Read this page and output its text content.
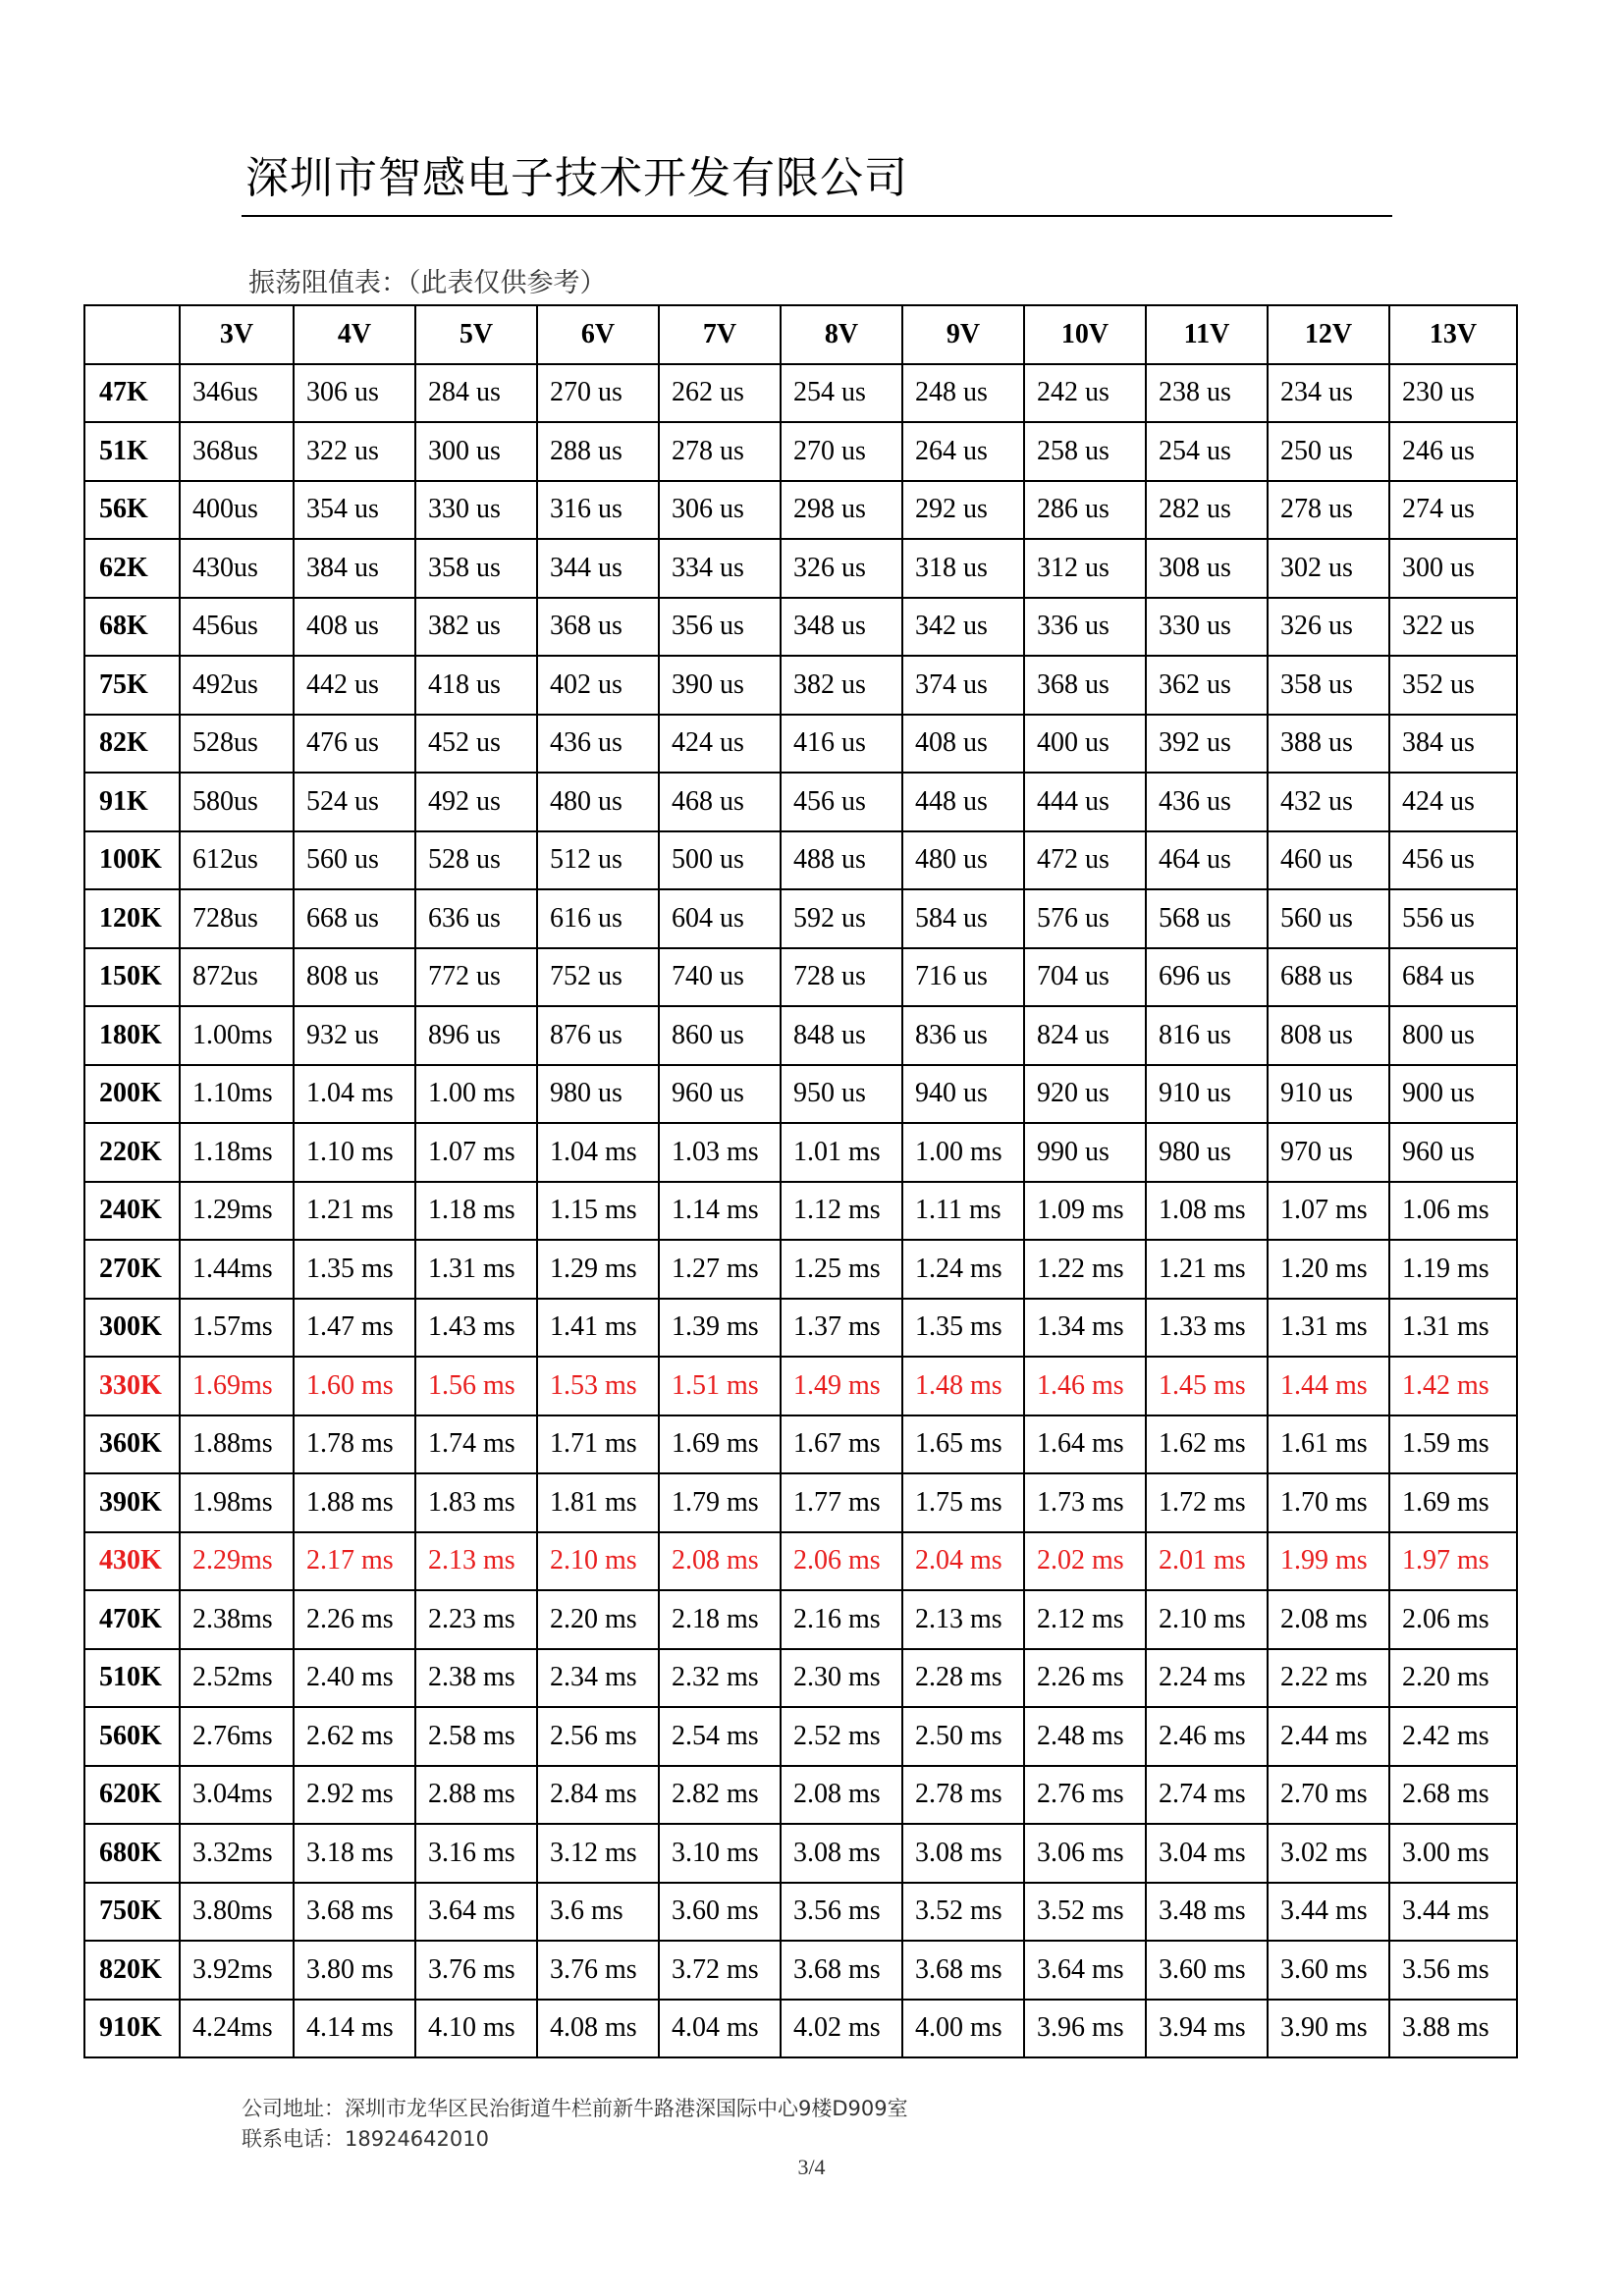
深圳市智感电子技术开发有限公司
振荡阻值表：（此表仅供参考）
	3V	4V	5V	6V	7V	8V	9V	10V	11V	12V	13V
47K	346us	306 us	284 us	270 us	262 us	254 us	248 us	242 us	238 us	234 us	230 us
51K	368us	322 us	300 us	288 us	278 us	270 us	264 us	258 us	254 us	250 us	246 us
56K	400us	354 us	330 us	316 us	306 us	298 us	292 us	286 us	282 us	278 us	274 us
62K	430us	384 us	358 us	344 us	334 us	326 us	318 us	312 us	308 us	302 us	300 us
68K	456us	408 us	382 us	368 us	356 us	348 us	342 us	336 us	330 us	326 us	322 us
75K	492us	442 us	418 us	402 us	390 us	382 us	374 us	368 us	362 us	358 us	352 us
82K	528us	476 us	452 us	436 us	424 us	416 us	408 us	400 us	392 us	388 us	384 us
91K	580us	524 us	492 us	480 us	468 us	456 us	448 us	444 us	436 us	432 us	424 us
100K	612us	560 us	528 us	512 us	500 us	488 us	480 us	472 us	464 us	460 us	456 us
120K	728us	668 us	636 us	616 us	604 us	592 us	584 us	576 us	568 us	560 us	556 us
150K	872us	808 us	772 us	752 us	740 us	728 us	716 us	704 us	696 us	688 us	684 us
180K	1.00ms	932 us	896 us	876 us	860 us	848 us	836 us	824 us	816 us	808 us	800 us
200K	1.10ms	1.04 ms	1.00 ms	980 us	960 us	950 us	940 us	920 us	910 us	910 us	900 us
220K	1.18ms	1.10 ms	1.07 ms	1.04 ms	1.03 ms	1.01 ms	1.00 ms	990 us	980 us	970 us	960 us
240K	1.29ms	1.21 ms	1.18 ms	1.15 ms	1.14 ms	1.12 ms	1.11 ms	1.09 ms	1.08 ms	1.07 ms	1.06 ms
270K	1.44ms	1.35 ms	1.31 ms	1.29 ms	1.27 ms	1.25 ms	1.24 ms	1.22 ms	1.21 ms	1.20 ms	1.19 ms
300K	1.57ms	1.47 ms	1.43 ms	1.41 ms	1.39 ms	1.37 ms	1.35 ms	1.34 ms	1.33 ms	1.31 ms	1.31 ms
330K	1.69ms	1.60 ms	1.56 ms	1.53 ms	1.51 ms	1.49 ms	1.48 ms	1.46 ms	1.45 ms	1.44 ms	1.42 ms
360K	1.88ms	1.78 ms	1.74 ms	1.71 ms	1.69 ms	1.67 ms	1.65 ms	1.64 ms	1.62 ms	1.61 ms	1.59 ms
390K	1.98ms	1.88 ms	1.83 ms	1.81 ms	1.79 ms	1.77 ms	1.75 ms	1.73 ms	1.72 ms	1.70 ms	1.69 ms
430K	2.29ms	2.17 ms	2.13 ms	2.10 ms	2.08 ms	2.06 ms	2.04 ms	2.02 ms	2.01 ms	1.99 ms	1.97 ms
470K	2.38ms	2.26 ms	2.23 ms	2.20 ms	2.18 ms	2.16 ms	2.13 ms	2.12 ms	2.10 ms	2.08 ms	2.06 ms
510K	2.52ms	2.40 ms	2.38 ms	2.34 ms	2.32 ms	2.30 ms	2.28 ms	2.26 ms	2.24 ms	2.22 ms	2.20 ms
560K	2.76ms	2.62 ms	2.58 ms	2.56 ms	2.54 ms	2.52 ms	2.50 ms	2.48 ms	2.46 ms	2.44 ms	2.42 ms
620K	3.04ms	2.92 ms	2.88 ms	2.84 ms	2.82 ms	2.08 ms	2.78 ms	2.76 ms	2.74 ms	2.70 ms	2.68 ms
680K	3.32ms	3.18 ms	3.16 ms	3.12 ms	3.10 ms	3.08 ms	3.08 ms	3.06 ms	3.04 ms	3.02 ms	3.00 ms
750K	3.80ms	3.68 ms	3.64 ms	3.6 ms	3.60 ms	3.56 ms	3.52 ms	3.52 ms	3.48 ms	3.44 ms	3.44 ms
820K	3.92ms	3.80 ms	3.76 ms	3.76 ms	3.72 ms	3.68 ms	3.68 ms	3.64 ms	3.60 ms	3.60 ms	3.56 ms
910K	4.24ms	4.14 ms	4.10 ms	4.08 ms	4.04 ms	4.02 ms	4.00 ms	3.96 ms	3.94 ms	3.90 ms	3.88 ms
公司地址：深圳市龙华区民治街道牛栏前新牛路港深国际中心9楼D909室
联系电话：18924642010
3/4
